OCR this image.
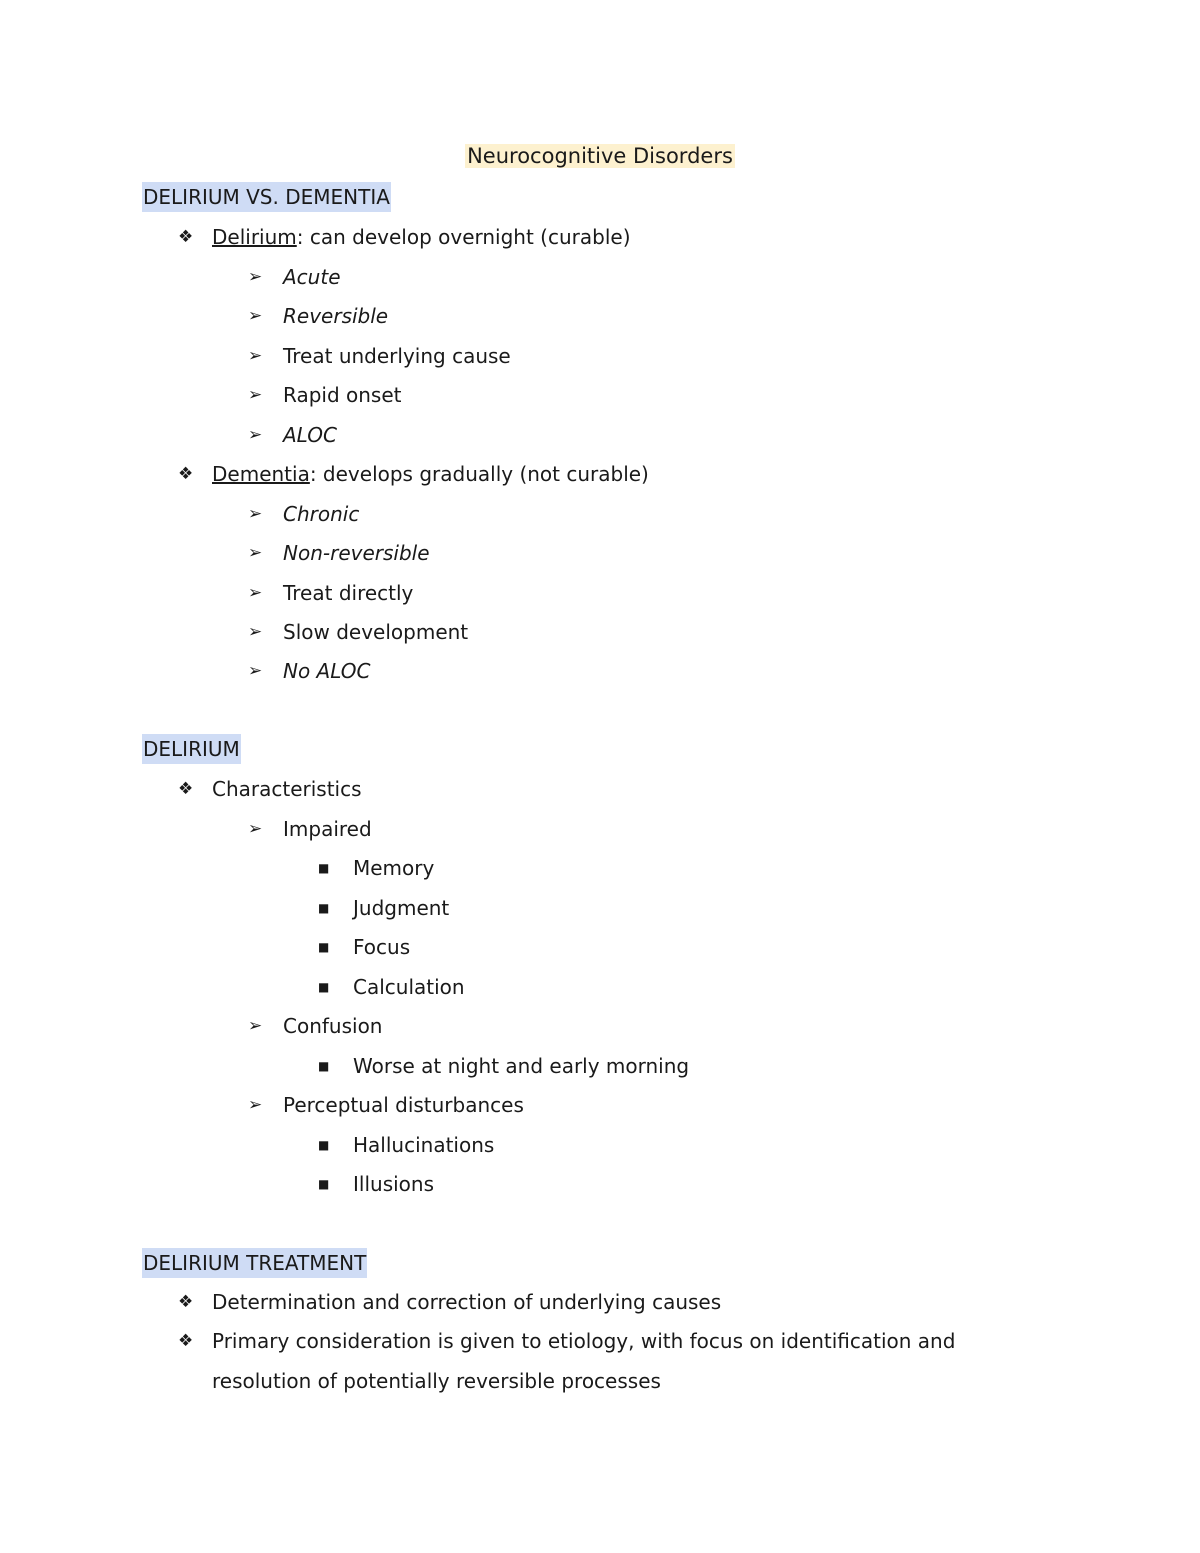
Neurocognitive Disorders
DELIRIUM VS. DEMENTIA
❖ Delirium: can develop overnight (curable)
➢ Acute
➢ Reversible
➢ Treat underlying cause
➢ Rapid onset
➢ ALOC
❖ Dementia: develops gradually (not curable)
➢ Chronic
➢ Non-reversible
➢ Treat directly
➢ Slow development
➢ No ALOC
DELIRIUM
❖ Characteristics
➢ Impaired
■ Memory
■ Judgment
■ Focus
■ Calculation
➢ Confusion
■ Worse at night and early morning
➢ Perceptual disturbances
■ Hallucinations
■ Illusions
DELIRIUM TREATMENT
❖ Determination and correction of underlying causes
❖ Primary consideration is given to etiology, with focus on identification and resolution of potentially reversible processes
